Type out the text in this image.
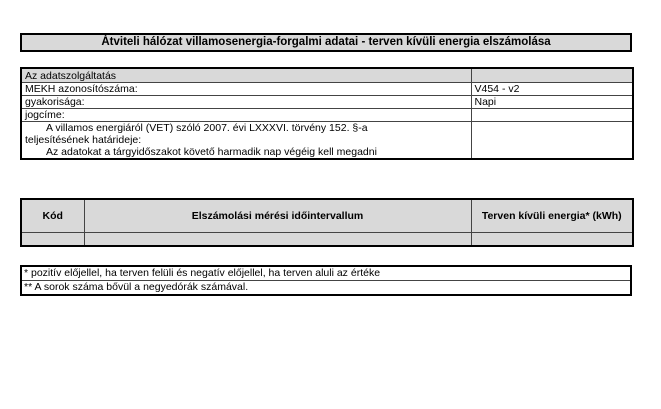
Átviteli hálózat villamosenergia-forgalmi adatai - terven kívüli energia elszámolása
Az adatszolgáltatás	
MEKH azonosítószáma:	V454 - v2
gyakorisága:	Napi
jogcíme:	
A villamos energiáról (VET) szóló 2007. évi LXXXVI. törvény 152. §-a	
teljesítésének határideje:	
Az adatokat a tárgyidőszakot követő harmadik nap végéig kell megadni	
Kód	Elszámolási mérési időintervallum	Terven kívüli energia* (kWh)

* pozitív előjellel, ha terven felüli és negatív előjellel, ha terven aluli az értéke
** A sorok száma bővül a negyedórák számával.
